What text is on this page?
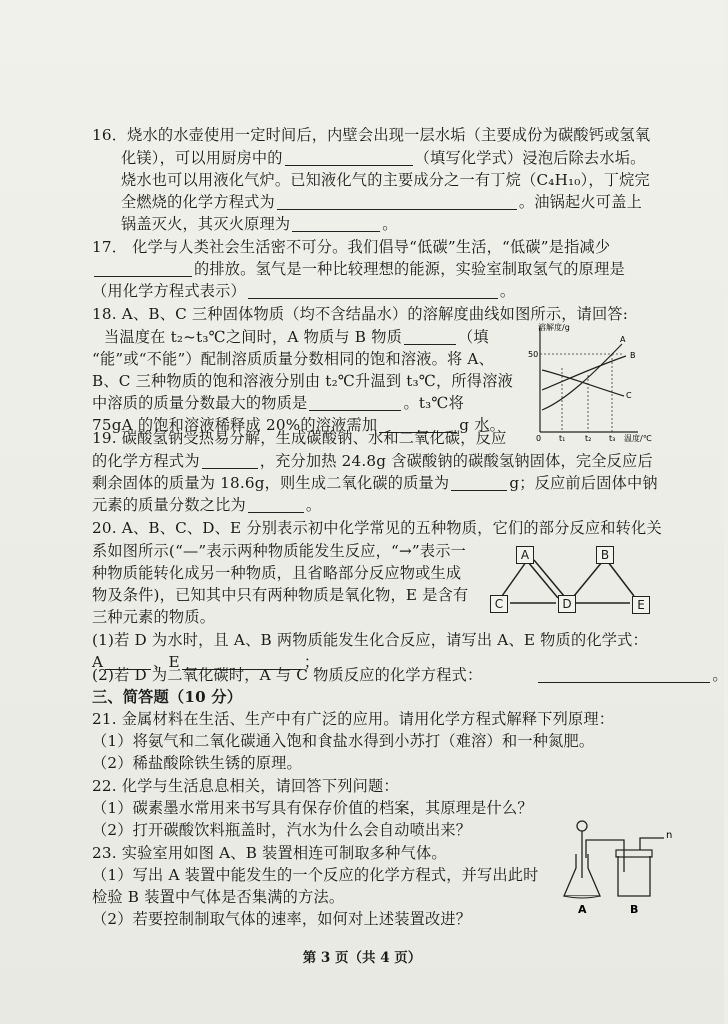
16．烧水的水壶使用一定时间后，内壁会出现一层水垢（主要成份为碳酸钙或氢氧
化镁），可以用厨房中的	（填写化学式）浸泡后除去水垢。
烧水也可以用液化气炉。已知液化气的主要成分之一有丁烷（C₄H₁₀），丁烷完
全燃烧的化学方程式为	。油锅起火可盖上
锅盖灭火，其灭火原理为	。
17． 化学与人类社会生活密不可分。我们倡导“低碳”生活，“低碳”是指减少
的排放。氢气是一种比较理想的能源，实验室制取氢气的原理是
（用化学方程式表示）	。
18. A、B、C 三种固体物质（均不含结晶水）的溶解度曲线如图所示，请回答:
当温度在 t₂~t₃℃之间时，A 物质与 B 物质	（填
“能”或“不能”）配制溶质质量分数相同的饱和溶液。将 A、
B、C 三种物质的饱和溶液分别由 t₂℃升温到 t₃℃，所得溶液
中溶质的质量分数最大的物质是	。t₃℃将
75gA 的饱和溶液稀释成 20%的溶液需加	g 水。
50
溶解度/g
A
B
C
0 t₁ t₂ t₃ 温度/℃
19. 碳酸氢钠受热易分解，生成碳酸钠、水和二氧化碳，反应
的化学方程式为	，充分加热 24.8g 含碳酸钠的碳酸氢钠固体，完全反应后
剩余固体的质量为 18.6g，则生成二氧化碳的质量为	g；反应前后固体中钠
元素的质量分数之比为	。
20. A、B、C、D、E 分别表示初中化学常见的五种物质，它们的部分反应和转化关
系如图所示(“—”表示两种物质能发生反应，“→”表示一
种物质能转化成另一种物质，且省略部分反应物或生成
物及条件)，已知其中只有两种物质是氧化物，E 是含有
三种元素的物质。
A	B
C	D	E
(1)若 D 为水时，且 A、B 两物质能发生化合反应，请写出 A、E 物质的化学式：
A	、E	；
(2)若 D 为二氧化碳时，A 与 C 物质反应的化学方程式：	。
三、简答题（10 分）
21. 金属材料在生活、生产中有广泛的应用。请用化学方程式解释下列原理：
（1）将氨气和二氧化碳通入饱和食盐水得到小苏打（难溶）和一种氮肥。
（2）稀盐酸除铁生锈的原理。
22. 化学与生活息息相关，请回答下列问题：
（1）碳素墨水常用来书写具有保存价值的档案，其原理是什么？
（2）打开碳酸饮料瓶盖时，汽水为什么会自动喷出来？
23. 实验室用如图 A、B 装置相连可制取多种气体。
（1）写出 A 装置中能发生的一个反应的化学方程式，并写出此时
检验 B 装置中气体是否集满的方法。
（2）若要控制制取气体的速率，如何对上述装置改进？
n
A	B
第 3 页（共 4 页）
